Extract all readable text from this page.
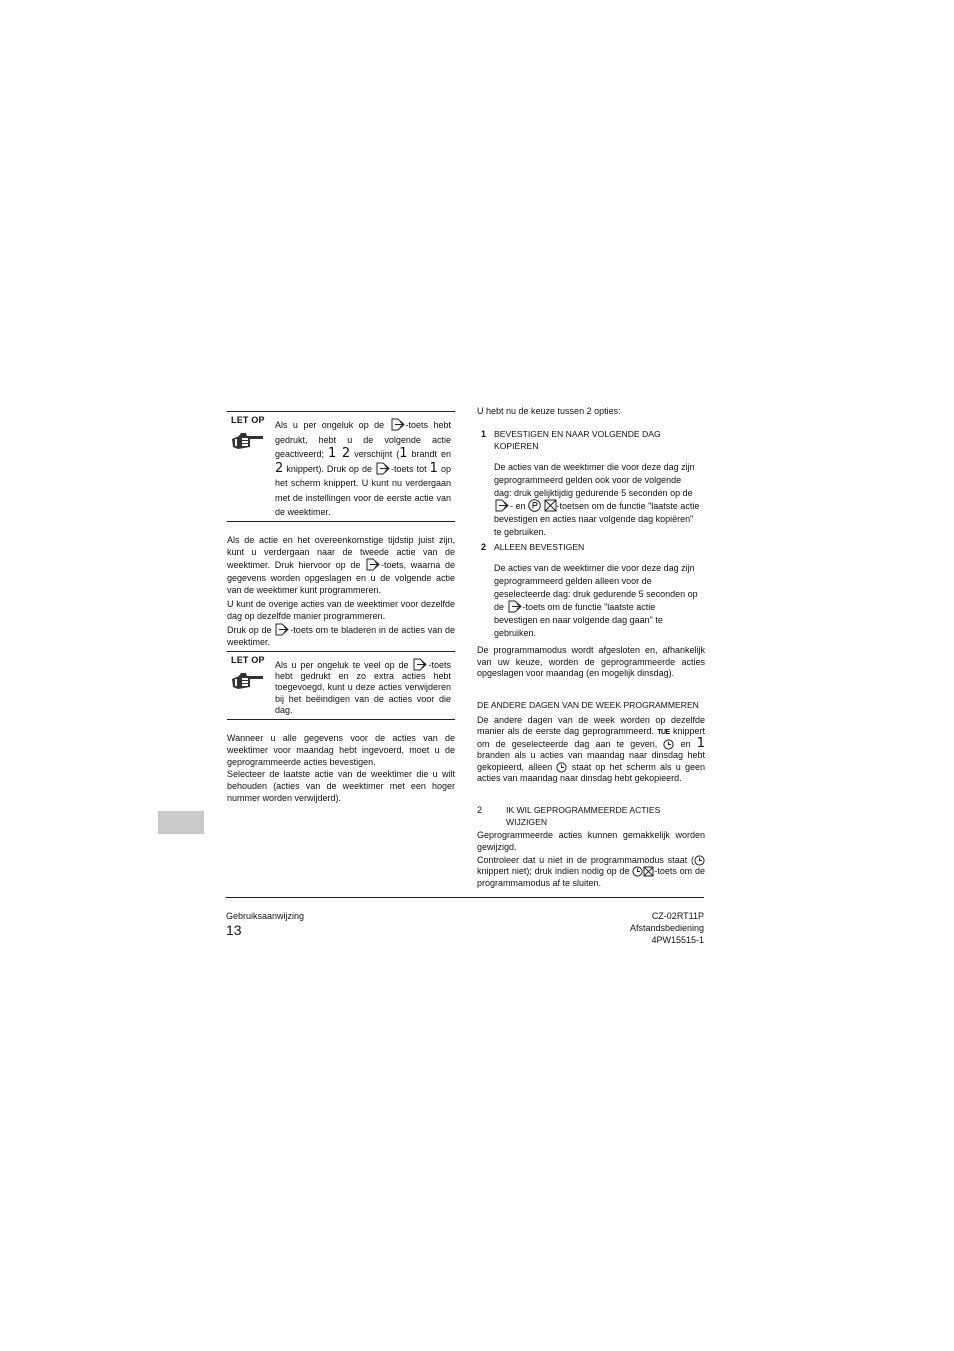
LET OP Als u per ongeluk op de -toets hebt gedrukt, hebt u de volgende actie geactiveerd; 1 2 verschijnt (1 brandt en 2 knippert). Druk op de -toets tot 1 op het scherm knippert. U kunt nu verdergaan met de instellingen voor de eerste actie van de weektimer.
Als de actie en het overeenkomstige tijdstip juist zijn, kunt u verdergaan naar de tweede actie van de weektimer. Druk hiervoor op de -toets, waarna de gegevens worden opgeslagen en u de volgende actie van de weektimer kunt programmeren.
U kunt de overige acties van de weektimer voor dezelfde dag op dezelfde manier programmeren.
Druk op de -toets om te bladeren in de acties van de weektimer.
LET OP Als u per ongeluk te veel op de -toets hebt gedrukt en zo extra acties hebt toegevoegd, kunt u deze acties verwijderen bij het beëindigen van de acties voor die dag.
Wanneer u alle gegevens voor de acties van de weektimer voor maandag hebt ingevoerd, moet u de geprogrammeerde acties bevestigen.
Selecteer de laatste actie van de weektimer die u wilt behouden (acties van de weektimer met een hoger nummer worden verwijderd).
U hebt nu de keuze tussen 2 opties:
1 BEVESTIGEN EN NAAR VOLGENDE DAG KOPIËREN
De acties van de weektimer die voor deze dag zijn geprogrammeerd gelden ook voor de volgende dag: druk gelijktijdig gedurende 5 seconden op de - en	-toetsen om de functie "laatste actie bevestigen en acties naar volgende dag kopiëren" te gebruiken.
2 ALLEEN BEVESTIGEN
De acties van de weektimer die voor deze dag zijn geprogrammeerd gelden alleen voor de geselecteerde dag: druk gedurende 5 seconden op de -toets om de functie "laatste actie bevestigen en naar volgende dag gaan" te gebruiken.
De programmamodus wordt afgesloten en, afhankelijk van uw keuze, worden de geprogrammeerde acties opgeslagen voor maandag (en mogelijk dinsdag).
DE ANDERE DAGEN VAN DE WEEK PROGRAMMEREN
De andere dagen van de week worden op dezelfde manier als de eerste dag geprogrammeerd. TUE knippert om de geselecteerde dag aan te geven,	en 1 branden als u acties van maandag naar dinsdag hebt gekopieerd, alleen staat op het scherm als u geen acties van maandag naar dinsdag hebt gekopieerd.
2	IK WIL GEPROGRAMMEERDE ACTIES WIJZIGEN
Geprogrammeerde acties kunnen gemakkelijk worden gewijzigd.
Controleer dat u niet in de programmamodus staat ( knippert niet); druk indien nodig op de	-toets om de programmamodus af te sluiten.
Gebruiksaanwijzing
13
CZ-02RT11P
Afstandsbediening
4PW15515-1
